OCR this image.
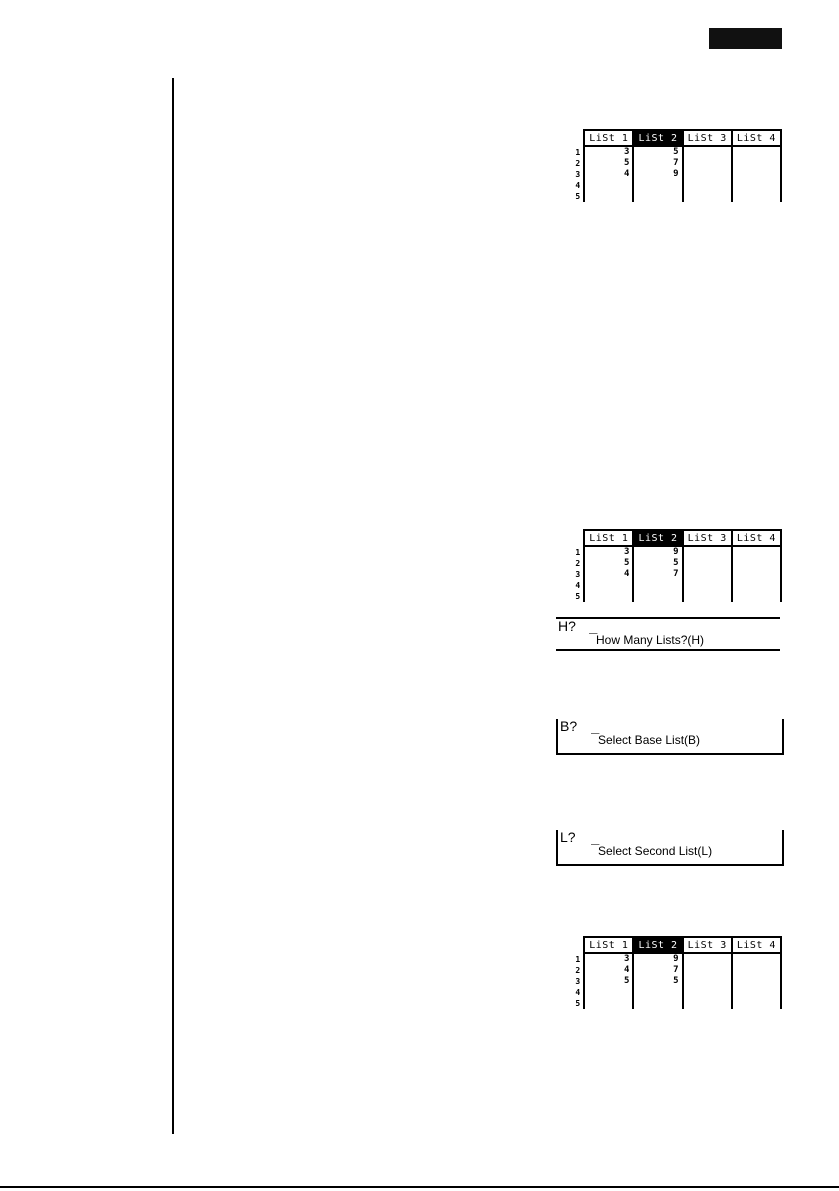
	LiSt 1	LiSt 2	LiSt 3	LiSt 4
1	3	5		
2	5	7		
3	4	9		
4				
5				
	LiSt 1	LiSt 2	LiSt 3	LiSt 4
1	3	9		
2	5	5		
3	4	7		
4				
5				
H? _
How Many Lists?(H)
B? _
Select Base List(B)
L? _
Select Second List(L)
	LiSt 1	LiSt 2	LiSt 3	LiSt 4
1	3	9		
2	4	7		
3	5	5		
4				
5				
